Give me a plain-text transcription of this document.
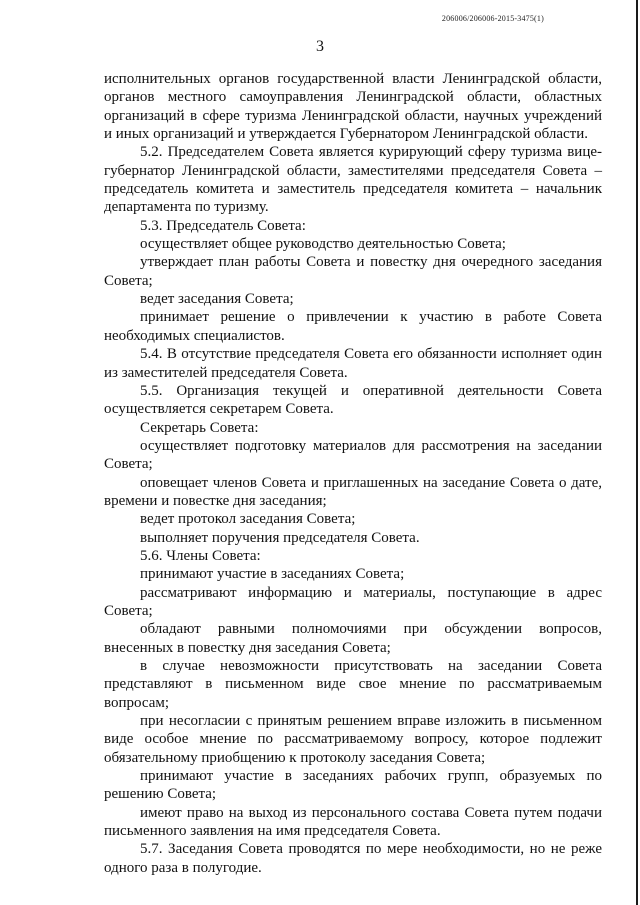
206006/206006-2015-3475(1)
3

исполнительных органов государственной власти Ленинградской области, органов местного самоуправления Ленинградской области, областных организаций в сфере туризма Ленинградской области, научных учреждений и иных организаций и утверждается Губернатором Ленинградской области.

5.2. Председателем Совета является курирующий сферу туризма вице-губернатор Ленинградской области, заместителями председателя Совета – председатель комитета и заместитель председателя комитета – начальник департамента по туризму.

5.3. Председатель Совета:

осуществляет общее руководство деятельностью Совета;

утверждает план работы Совета и повестку дня очередного заседания Совета;

ведет заседания Совета;

принимает решение о привлечении к участию в работе Совета необходимых специалистов.

5.4. В отсутствие председателя Совета его обязанности исполняет один из заместителей председателя Совета.

5.5. Организация текущей и оперативной деятельности Совета осуществляется секретарем Совета.

Секретарь Совета:

осуществляет подготовку материалов для рассмотрения на заседании Совета;

оповещает членов Совета и приглашенных на заседание Совета о дате, времени и повестке дня заседания;

ведет протокол заседания Совета;

выполняет поручения председателя Совета.

5.6. Члены Совета:

принимают участие в заседаниях Совета;

рассматривают информацию и материалы, поступающие в адрес Совета;

обладают равными полномочиями при обсуждении вопросов, внесенных в повестку дня заседания Совета;

в случае невозможности присутствовать на заседании Совета представляют в письменном виде свое мнение по рассматриваемым вопросам;

при несогласии с принятым решением вправе изложить в письменном виде особое мнение по рассматриваемому вопросу, которое подлежит обязательному приобщению к протоколу заседания Совета;

принимают участие в заседаниях рабочих групп, образуемых по решению Совета;

имеют право на выход из персонального состава Совета путем подачи письменного заявления на имя председателя Совета.

5.7. Заседания Совета проводятся по мере необходимости, но не реже одного раза в полугодие.
